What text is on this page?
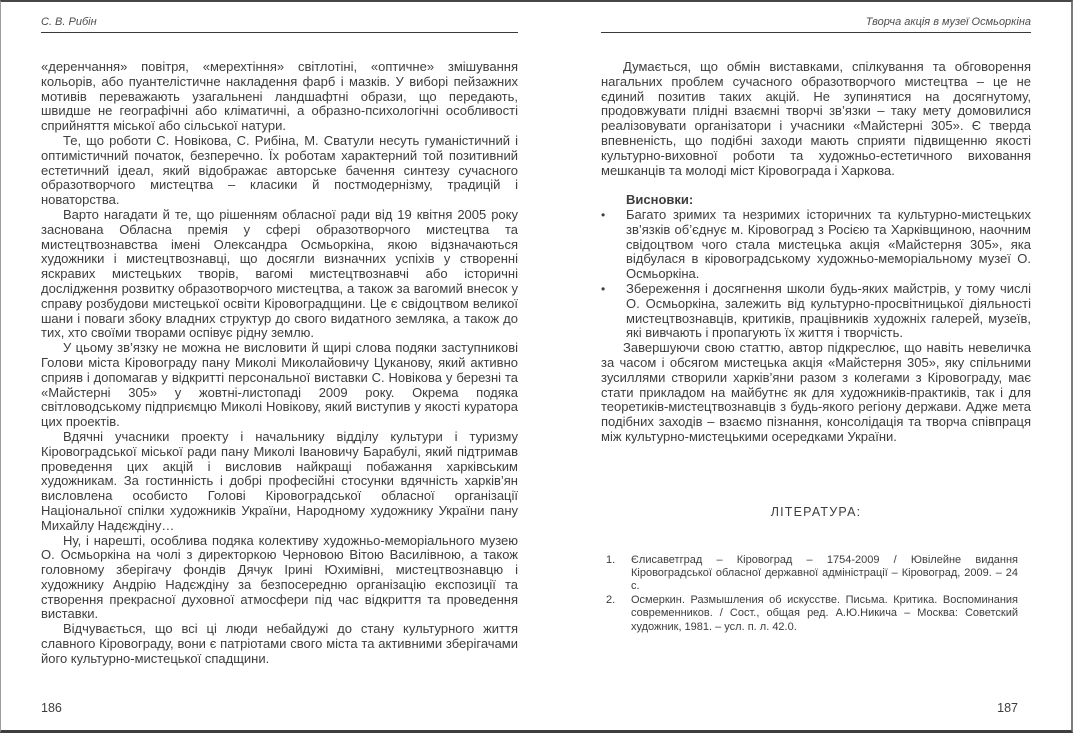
С. В. Рибін

«деренчання» повітря, «мерехтіння» світлотіні, «оптичне» змішування кольорів, або пуантелістичне накладення фарб і мазків. У виборі пейзажних мотивів переважають узагальнені ландшафтні образи, що передають, швидше не географічні або кліматичні, а образно-психологічні особливості сприйняття міської або сільської натури.

Те, що роботи С. Новікова, С. Рибіна, М. Сватули несуть гуманістичний і оптимістичний початок, безперечно. Їх роботам характерний той позитивний естетичний ідеал, який відображає авторське бачення синтезу сучасного образотворчого мистецтва – класики й постмодернізму, традицій і новаторства.

Варто нагадати й те, що рішенням обласної ради від 19 квітня 2005 року заснована Обласна премія у сфері образотворчого мистецтва та мистецтвознавства імені Олександра Осмьоркіна, якою відзначаються художники і мистецтвознавці, що досягли визначних успіхів у створенні яскравих мистецьких творів, вагомі мистецтвознавчі або історичні дослідження розвитку образотворчого мистецтва, а також за вагомий внесок у справу розбудови мистецької освіти Кіровоградщини. Це є свідоцтвом великої шани і поваги збоку владних структур до свого видатного земляка, а також до тих, хто своїми творами оспівує рідну землю.

У цьому зв’язку не можна не висловити й щирі слова подяки заступникові Голови міста Кіровограду пану Миколі Миколайовичу Цуканову, який активно сприяв і допомагав у відкритті персональної виставки С. Новікова у березні та «Майстерні 305» у жовтні-листопаді 2009 року. Окрема подяка світловодському підприємцю Миколі Новікову, який виступив у якості куратора цих проектів.

Вдячні учасники проекту і начальнику відділу культури і туризму Кіровоградської міської ради пану Миколі Івановичу Барабулі, який підтримав проведення цих акцій і висловив найкращі побажання харківським художникам. За гостинність і добрі професійні стосунки вдячність харків’ян висловлена особисто Голові Кіровоградської обласної організації Національної спілки художників України, Народному художнику України пану Михайлу Надєждіну…

Ну, і нарешті, особлива подяка колективу художньо-меморіального музею О. Осмьоркіна на чолі з директоркою Черновою Вітою Василівною, а також головному зберігачу фондів Дячук Ірині Юхимівні, мистецтвознавцю і художнику Андрію Надєждіну за безпосередню організацію експозиції та створення прекрасної духовної атмосфери під час відкриття та проведення виставки.

Відчувається, що всі ці люди небайдужі до стану культурного життя славного Кіровограду, вони є патріотами свого міста та активними зберігачами його культурно-мистецької спадщини.

186
Творча акція в музеї Осмьоркіна

Думається, що обмін виставками, спілкування та обговорення нагальних проблем сучасного образотворчого мистецтва – це не єдиний позитив таких акцій. Не зупинятися на досягнутому, продовжувати плідні взаємні творчі зв’язки – таку мету домовилися реалізовувати організатори і учасники «Майстерні 305». Є тверда впевненість, що подібні заходи мають сприяти підвищенню якості культурно-виховної роботи та художньо-естетичного виховання мешканців та молоді міст Кіровограда і Харкова.

Висновки:
•	Багато зримих та незримих історичних та культурно-мистецьких зв’язків об’єднує м. Кіровоград з Росією та Харківщиною, наочним свідоцтвом чого стала мистецька акція «Майстерня 305», яка відбулася в кіровоградському художньо-меморіальному музеї О. Осмьоркіна.
•	Збереження і досягнення школи будь-яких майстрів, у тому числі О. Осмьоркіна, залежить від культурно-просвітницької діяльності мистецтвознавців, критиків, працівників художніх галерей, музеїв, які вивчають і пропагують їх життя і творчість.

Завершуючи свою статтю, автор підкреслює, що навіть невеличка за часом і обсягом мистецька акція «Майстерня 305», яку спільними зусиллями створили харків’яни разом з колегами з Кіровограду, має стати прикладом на майбутнє як для художників-практиків, так і для теоретиків-мистецтвознавців з будь-якого регіону держави. Адже мета подібних заходів – взаємо пізнання, консолідація та творча співпраця між культурно-мистецькими осередками України.

ЛІТЕРАТУРА:
1.	Єлисаветград – Кіровоград – 1754-2009 / Ювілейне видання Кіровоградської обласної державної адміністрації – Кіровоград, 2009. – 24 с.
2.	Осмеркин. Размышления об искусстве. Письма. Критика. Воспоминания современников. / Сост., общая ред. А.Ю.Никича – Москва: Советский художник, 1981. – усл. п. л. 42.0.
187
